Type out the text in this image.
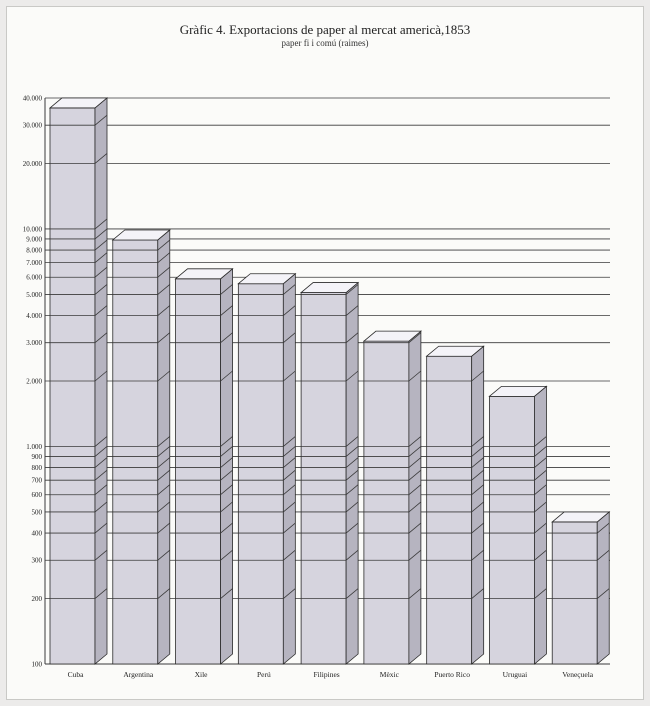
Gràfic 4. Exportacions de paper al mercat americà,1853
paper fi i comú (raimes)
100
200
300
400
500
600
700
800
900
1.000
2.000
3.000
4.000
5.000
6.000
7.000
8.000
9.000
10.000
20.000
30.000
40.000
Cuba	Argentina	Xile	Perú	Filipines	Mèxic	Puerto Rico	Uruguai	Veneçuela
